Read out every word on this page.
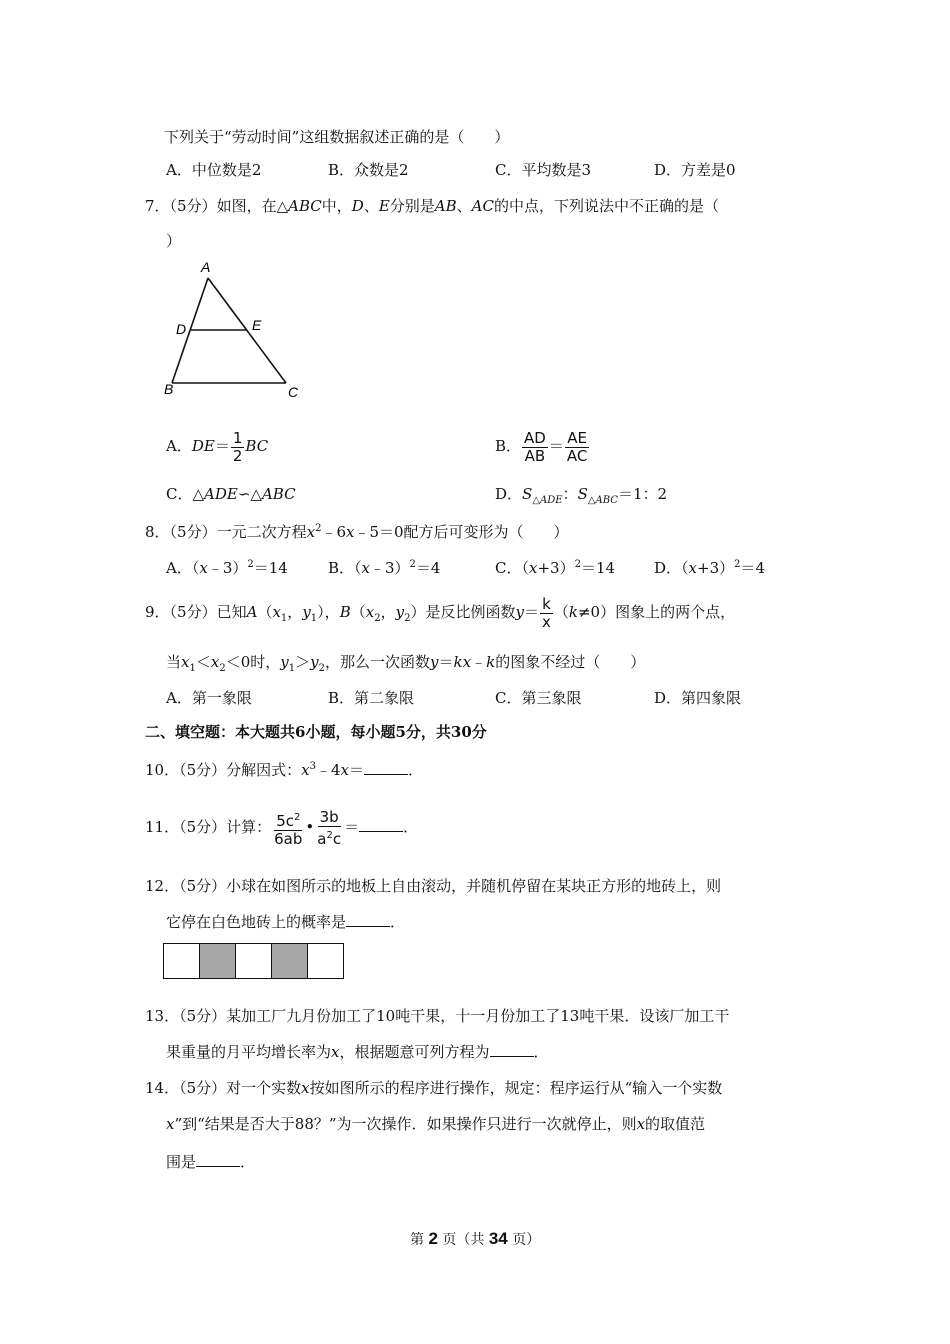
下列关于“劳动时间”这组数据叙述正确的是（　　）
A．中位数是2	B．众数是2	C．平均数是3	D．方差是0
7．（5分）如图，在△ABC中，D、E分别是AB、AC的中点，下列说法中不正确的是（
）
A
D	E
B	C
A．$DE= \frac{1}{2}$ BC	B． $\frac{AD}{AB} = \frac{AE}{AC}$
C．△ADE∽△ABC	D．$S_{\triangle ADE}$：$S_{\triangle ABC}=1$：2
8．（5分）一元二次方程$x^2﹣6x﹣5=0$配方后可变形为（　　）
A．（x﹣3）$^2$＝14	B．（x﹣3）$^2$＝4	C．$(x+3)^2=14$	D．$(x+3)^2=4$
9．（5分）已知$A(x_1$，$y_1$），$B(x_2$，$y_2$）是反比例函数$y= \frac{k}{x} (k\ne 0)$图象上的两个点，
当$x_1<x_2<0$时，$y_1>y_2$，那么一次函数y＝kx﹣k的图象不经过（　　）
A．第一象限	B．第二象限	C．第三象限	D．第四象限
二、填空题：本大题共6小题，每小题5分，共30分
10．（5分）分解因式：$x^3﹣4x=$	．
11．（5分）计算： $\frac{5c^2}{6ab}$ • $\frac{3b}{a^2c}$ ＝	．
12．（5分）小球在如图所示的地板上自由滚动，并随机停留在某块正方形的地砖上，则
它停在白色地砖上的概率是	．
13．（5分）某加工厂九月份加工了10吨干果，十一月份加工了13吨干果．设该厂加工干
果重量的月平均增长率为x，根据题意可列方程为	．
14．（5分）对一个实数x按如图所示的程序进行操作，规定：程序运行从“输入一个实数
x”到“结果是否大于88？”为一次操作．如果操作只进行一次就停止，则x的取值范
围是	．
第 2 页（共 34 页）
